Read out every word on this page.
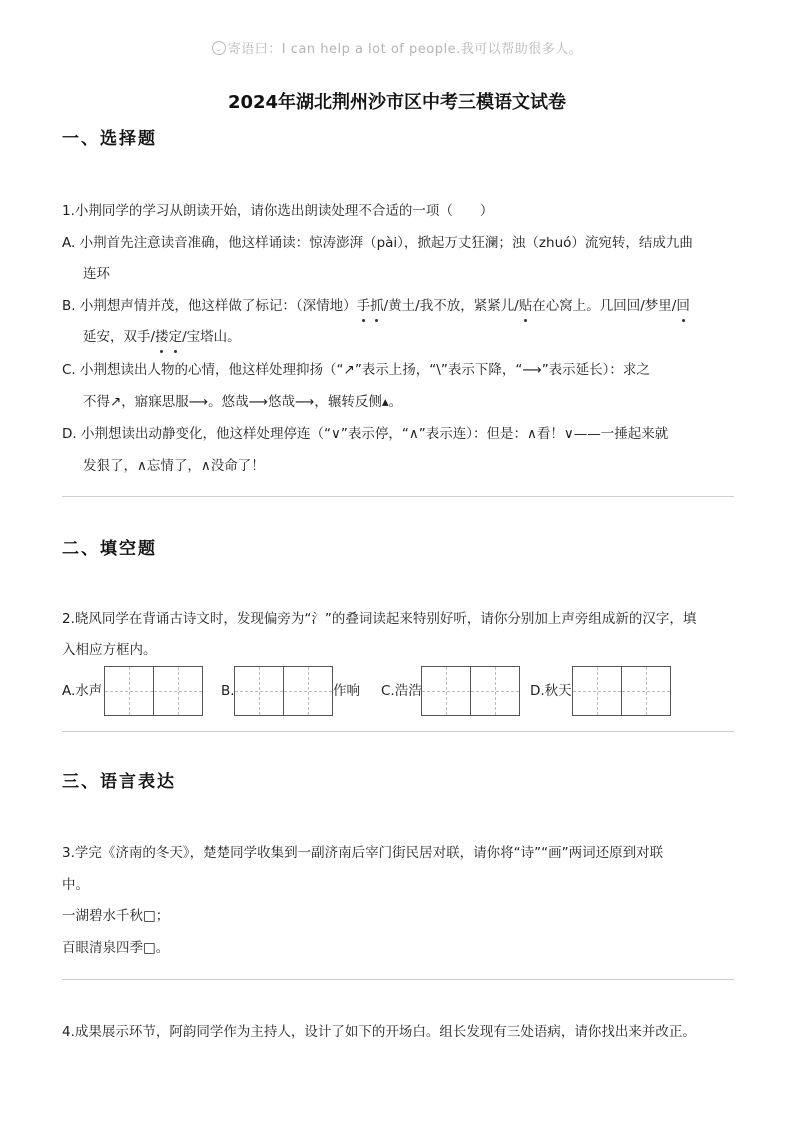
寄语曰：I can help a lot of people.我可以帮助很多人。
2024年湖北荆州沙市区中考三模语文试卷
一、选择题
1.小荆同学的学习从朗读开始，请你选出朗读处理不合适的一项（　　）
A. 小荆首先注意读音准确，他这样诵读：惊涛澎湃（pài），掀起万丈狂澜；浊（zhuó）流宛转，结成九曲
连环
B. 小荆想声情并茂，他这样做了标记：（深情地）手抓/黄土/我不放，紧紧儿/贴在心窝上。几回回/梦里/回
延安，双手/搂定/宝塔山。
C. 小荆想读出人物的心情，他这样处理抑扬（“↗”表示上扬，“\”表示下降，“⟶”表示延长）：求之
不得↗，寤寐思服⟶。悠哉⟶悠哉⟶，辗转反侧▴。
D. 小荆想读出动静变化，他这样处理停连（“∨”表示停，“∧”表示连）：但是：∧看！∨——一捶起来就
发狠了，∧忘情了，∧没命了！
二、填空题
2.晓风同学在背诵古诗文时，发现偏旁为“氵”的叠词读起来特别好听，请你分别加上声旁组成新的汉字，填
入相应方框内。
A.水声	B.	作响 C.浩浩	D.秋天
三、语言表达
3.学完《济南的冬天》，楚楚同学收集到一副济南后宰门街民居对联，请你将“诗”“画”两词还原到对联
中。
一湖碧水千秋□；
百眼清泉四季□。
4.成果展示环节，阿韵同学作为主持人，设计了如下的开场白。组长发现有三处语病，请你找出来并改正。
